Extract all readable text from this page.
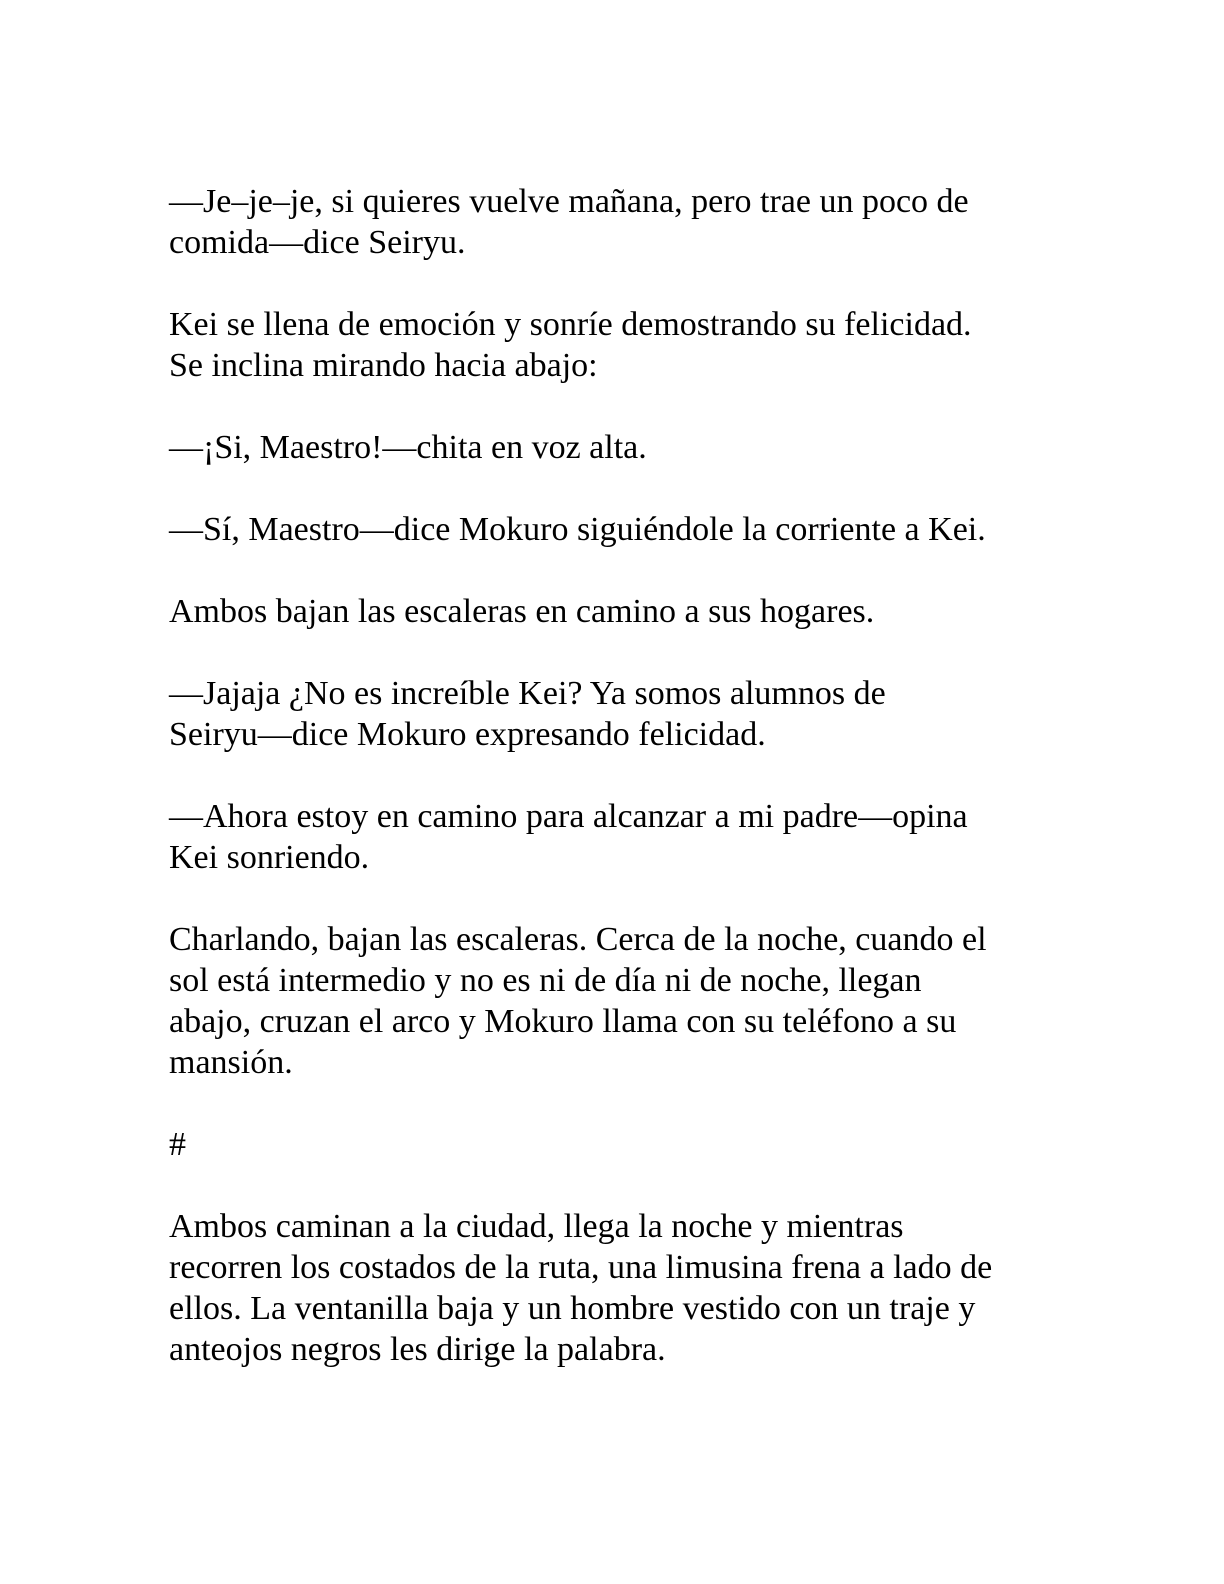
—Je–je–je, si quieres vuelve mañana, pero trae un poco de
comida—dice Seiryu.

Kei se llena de emoción y sonríe demostrando su felicidad.
Se inclina mirando hacia abajo:

—¡Si, Maestro!—chita en voz alta.

—Sí, Maestro—dice Mokuro siguiéndole la corriente a Kei.

Ambos bajan las escaleras en camino a sus hogares.

—Jajaja ¿No es increíble Kei? Ya somos alumnos de
Seiryu—dice Mokuro expresando felicidad.

—Ahora estoy en camino para alcanzar a mi padre—opina
Kei sonriendo.

Charlando, bajan las escaleras. Cerca de la noche, cuando el
sol está intermedio y no es ni de día ni de noche, llegan
abajo, cruzan el arco y Mokuro llama con su teléfono a su
mansión.

#

Ambos caminan a la ciudad, llega la noche y mientras
recorren los costados de la ruta, una limusina frena a lado de
ellos. La ventanilla baja y un hombre vestido con un traje y
anteojos negros les dirige la palabra.
